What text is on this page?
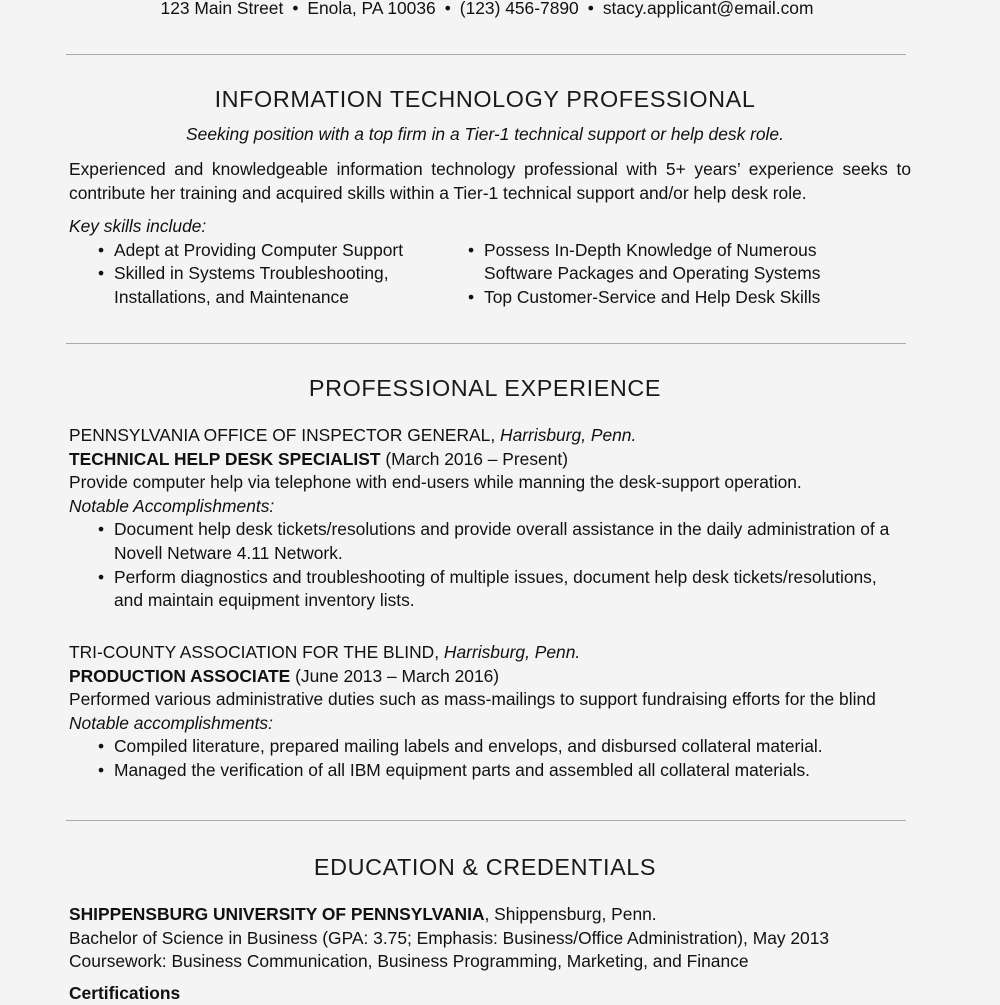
123 Main Street • Enola, PA 10036 • (123) 456-7890 • stacy.applicant@email.com
INFORMATION TECHNOLOGY PROFESSIONAL
Seeking position with a top firm in a Tier-1 technical support or help desk role.
Experienced and knowledgeable information technology professional with 5+ years’ experience seeks to contribute her training and acquired skills within a Tier-1 technical support and/or help desk role.
Key skills include:
• Adept at Providing Computer Support
• Skilled in Systems Troubleshooting, Installations, and Maintenance
• Possess In-Depth Knowledge of Numerous Software Packages and Operating Systems
• Top Customer-Service and Help Desk Skills
PROFESSIONAL EXPERIENCE
PENNSYLVANIA OFFICE OF INSPECTOR GENERAL, Harrisburg, Penn.
TECHNICAL HELP DESK SPECIALIST (March 2016 – Present)
Provide computer help via telephone with end-users while manning the desk-support operation.
Notable Accomplishments:
• Document help desk tickets/resolutions and provide overall assistance in the daily administration of a Novell Netware 4.11 Network.
• Perform diagnostics and troubleshooting of multiple issues, document help desk tickets/resolutions, and maintain equipment inventory lists.
TRI-COUNTY ASSOCIATION FOR THE BLIND, Harrisburg, Penn.
PRODUCTION ASSOCIATE (June 2013 – March 2016)
Performed various administrative duties such as mass-mailings to support fundraising efforts for the blind
Notable accomplishments:
• Compiled literature, prepared mailing labels and envelops, and disbursed collateral material.
• Managed the verification of all IBM equipment parts and assembled all collateral materials.
EDUCATION & CREDENTIALS
SHIPPENSBURG UNIVERSITY OF PENNSYLVANIA, Shippensburg, Penn.
Bachelor of Science in Business (GPA: 3.75; Emphasis: Business/Office Administration), May 2013
Coursework: Business Communication, Business Programming, Marketing, and Finance
Certifications
